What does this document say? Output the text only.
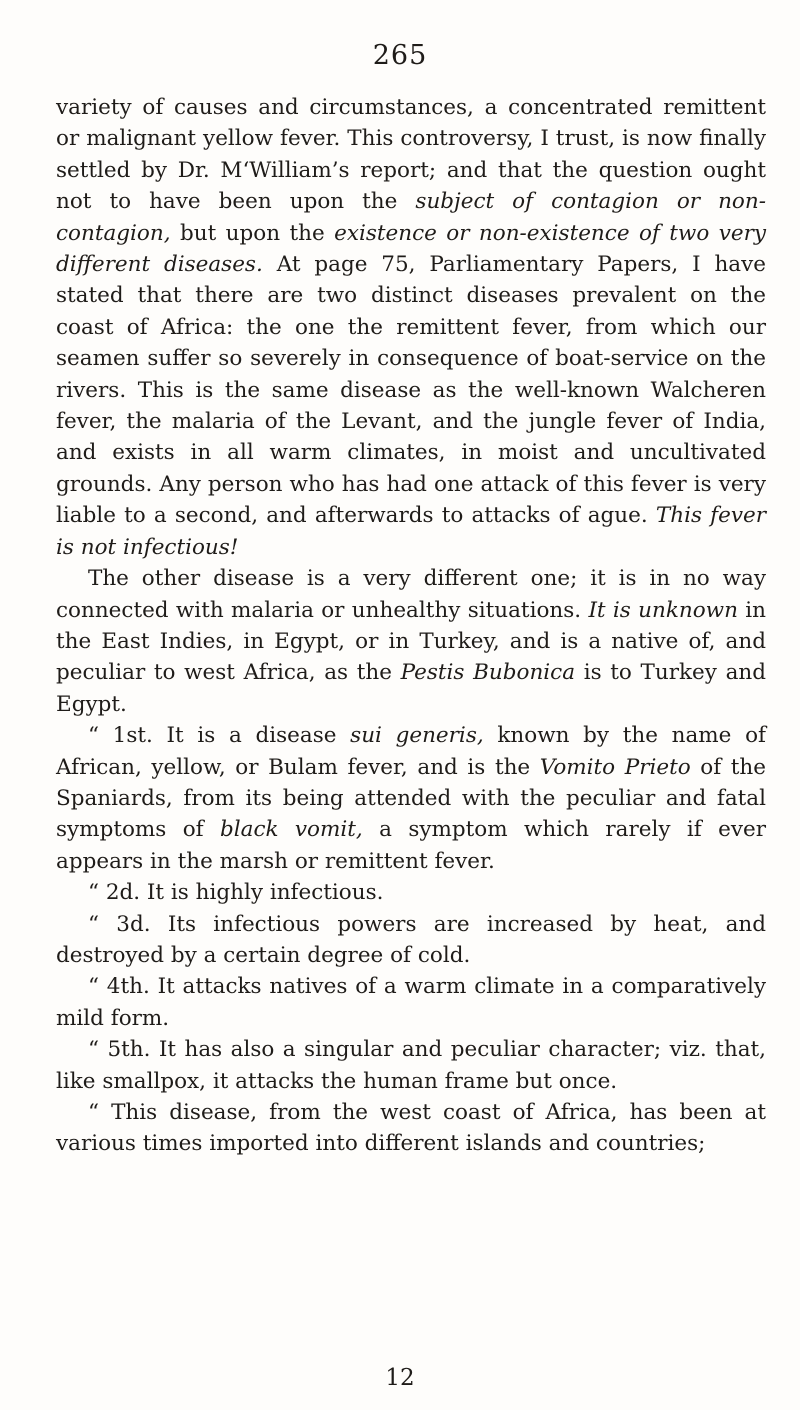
265

variety of causes and circumstances, a concentrated remittent or malignant yellow fever. This controversy, I trust, is now finally settled by Dr. M‘William’s report; and that the question ought not to have been upon the subject of contagion or non-contagion, but upon the existence or non-existence of two very different diseases. At page 75, Parliamentary Papers, I have stated that there are two distinct diseases prevalent on the coast of Africa: the one the remittent fever, from which our seamen suffer so severely in consequence of boat-service on the rivers. This is the same disease as the well-known Walcheren fever, the malaria of the Levant, and the jungle fever of India, and exists in all warm climates, in moist and uncultivated grounds. Any person who has had one attack of this fever is very liable to a second, and afterwards to attacks of ague. This fever is not infectious!

The other disease is a very different one; it is in no way connected with malaria or unhealthy situations. It is unknown in the East Indies, in Egypt, or in Turkey, and is a native of, and peculiar to west Africa, as the Pestis Bubonica is to Turkey and Egypt.

“ 1st. It is a disease sui generis, known by the name of African, yellow, or Bulam fever, and is the Vomito Prieto of the Spaniards, from its being attended with the peculiar and fatal symptoms of black vomit, a symptom which rarely if ever appears in the marsh or remittent fever.

“ 2d. It is highly infectious.

“ 3d. Its infectious powers are increased by heat, and destroyed by a certain degree of cold.

“ 4th. It attacks natives of a warm climate in a comparatively mild form.

“ 5th. It has also a singular and peculiar character; viz. that, like smallpox, it attacks the human frame but once.

“ This disease, from the west coast of Africa, has been at various times imported into different islands and countries;

12
